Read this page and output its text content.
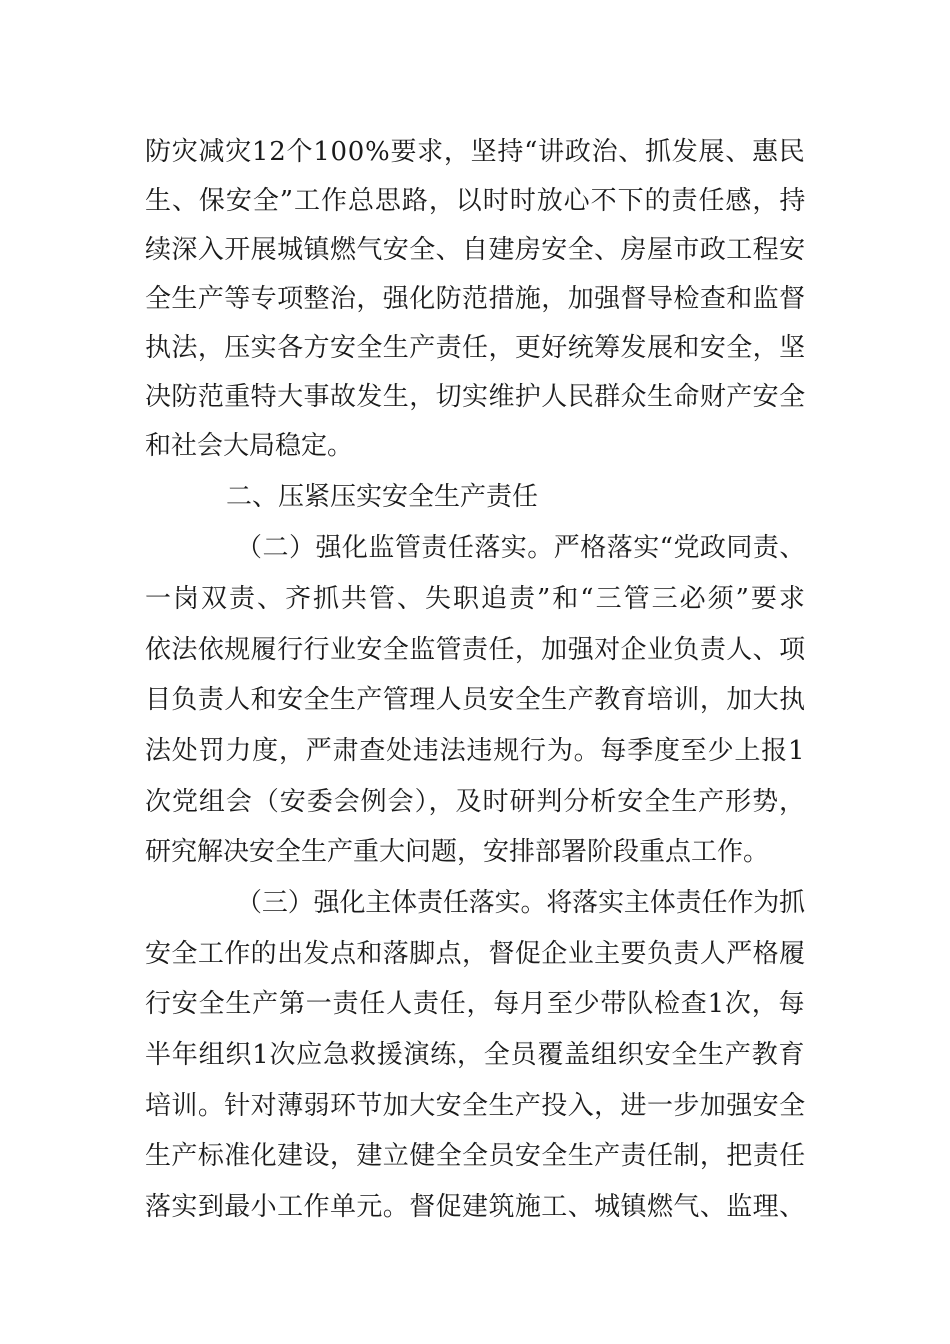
防灾减灾12个100%要求，坚持“讲政治、抓发展、惠民

生、保安全”工作总思路，以时时放心不下的责任感，持

续深入开展城镇燃气安全、自建房安全、房屋市政工程安

全生产等专项整治，强化防范措施，加强督导检查和监督

执法，压实各方安全生产责任，更好统筹发展和安全，坚

决防范重特大事故发生，切实维护人民群众生命财产安全

和社会大局稳定。

二、压紧压实安全生产责任

（二）强化监管责任落实。严格落实“党政同责、

一岗双责、齐抓共管、失职追责”和“三管三必须”要求

依法依规履行行业安全监管责任，加强对企业负责人、项

目负责人和安全生产管理人员安全生产教育培训，加大执

法处罚力度，严肃查处违法违规行为。每季度至少上报1

次党组会（安委会例会），及时研判分析安全生产形势，

研究解决安全生产重大问题，安排部署阶段重点工作。

（三）强化主体责任落实。将落实主体责任作为抓

安全工作的出发点和落脚点，督促企业主要负责人严格履

行安全生产第一责任人责任，每月至少带队检查1次，每

半年组织1次应急救援演练，全员覆盖组织安全生产教育

培训。针对薄弱环节加大安全生产投入，进一步加强安全

生产标准化建设，建立健全全员安全生产责任制，把责任

落实到最小工作单元。督促建筑施工、城镇燃气、监理、
